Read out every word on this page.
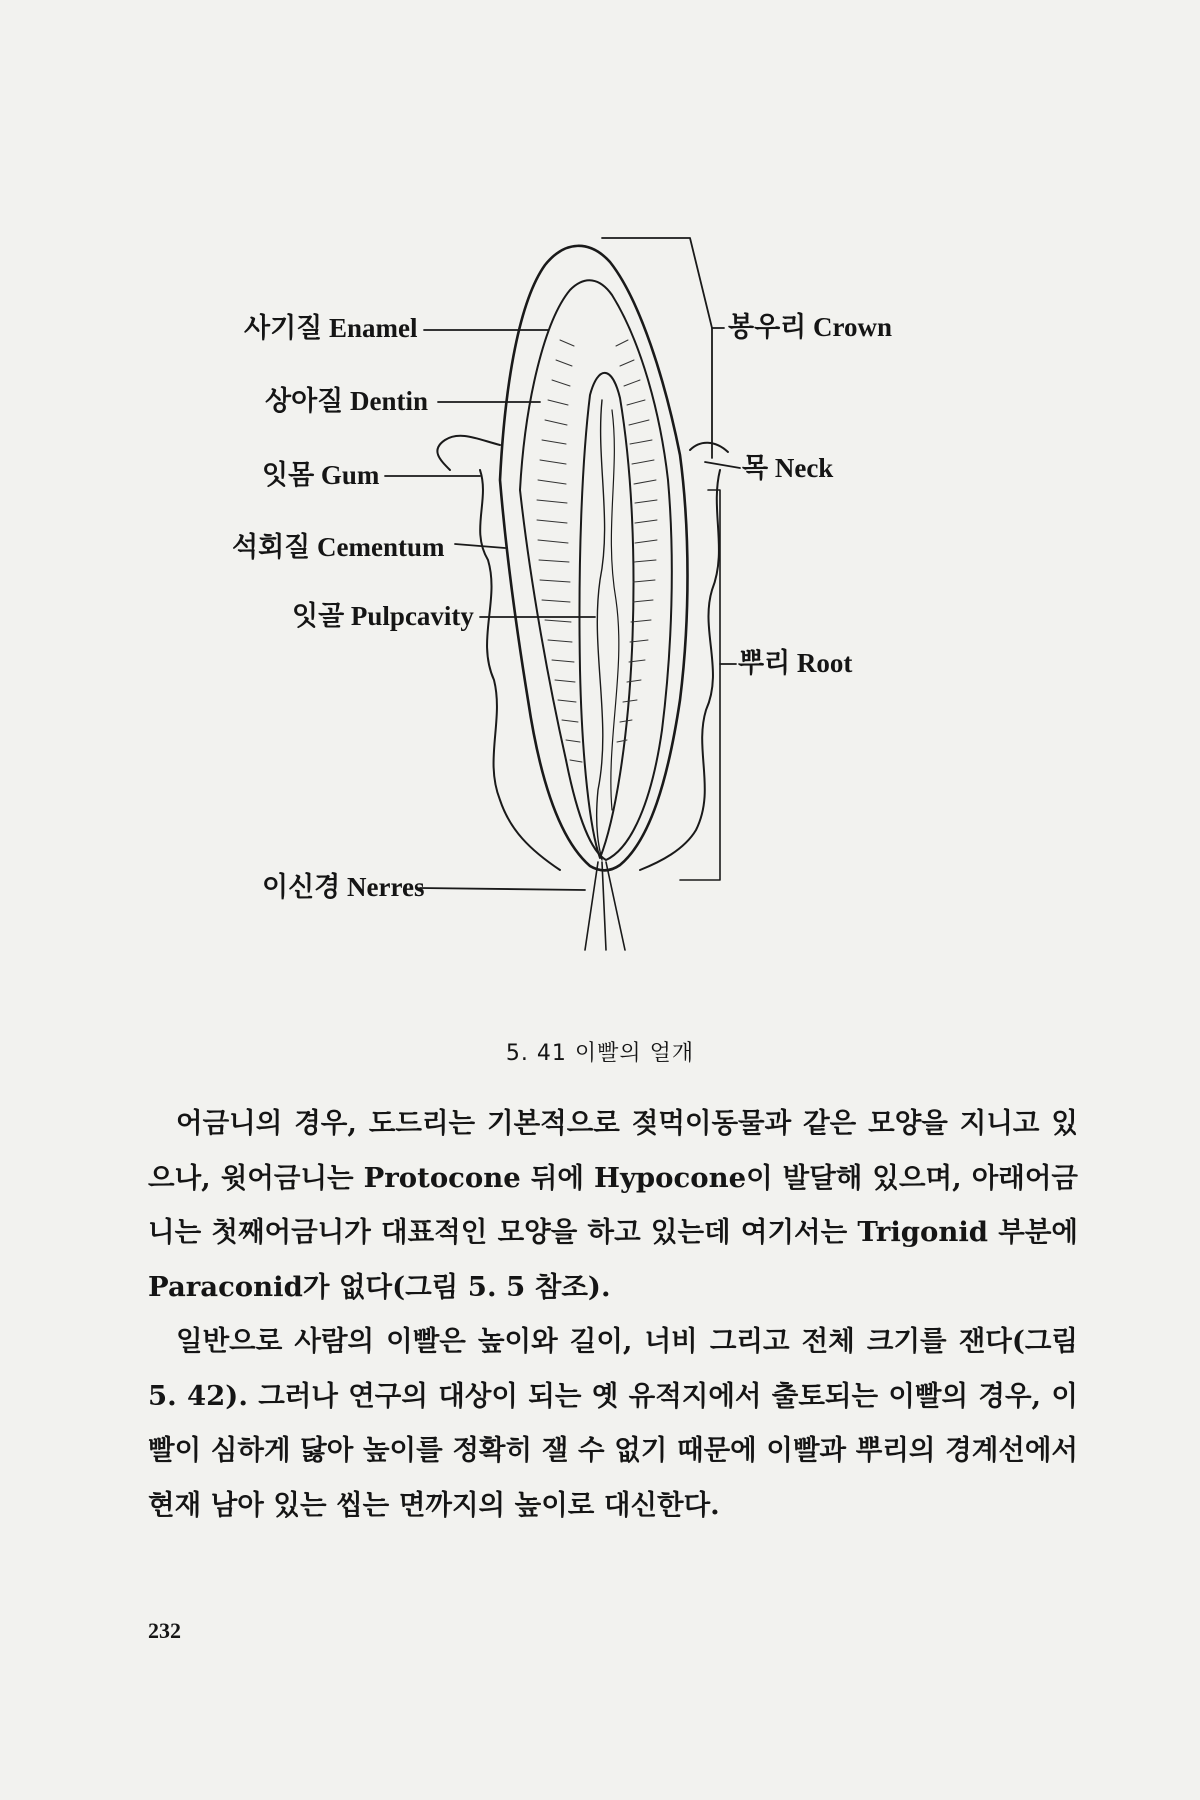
사기질 Enamel
상아질 Dentin
잇몸 Gum
석회질 Cementum
잇골 Pulpcavity
이신경 Nerres
봉우리 Crown
목 Neck
뿌리 Root
5. 41 이빨의 얼개

어금니의 경우, 도드리는 기본적으로 젖먹이동물과 같은 모양을 지니고 있으나, 윗어금니는 Protocone 뒤에 Hypocone이 발달해 있으며, 아래어금니는 첫째어금니가 대표적인 모양을 하고 있는데 여기서는 Trigonid 부분에 Paraconid가 없다(그림 5. 5 참조).

일반으로 사람의 이빨은 높이와 길이, 너비 그리고 전체 크기를 잰다(그림 5. 42). 그러나 연구의 대상이 되는 옛 유적지에서 출토되는 이빨의 경우, 이빨이 심하게 닳아 높이를 정확히 잴 수 없기 때문에 이빨과 뿌리의 경계선에서 현재 남아 있는 씹는 면까지의 높이로 대신한다.

232
